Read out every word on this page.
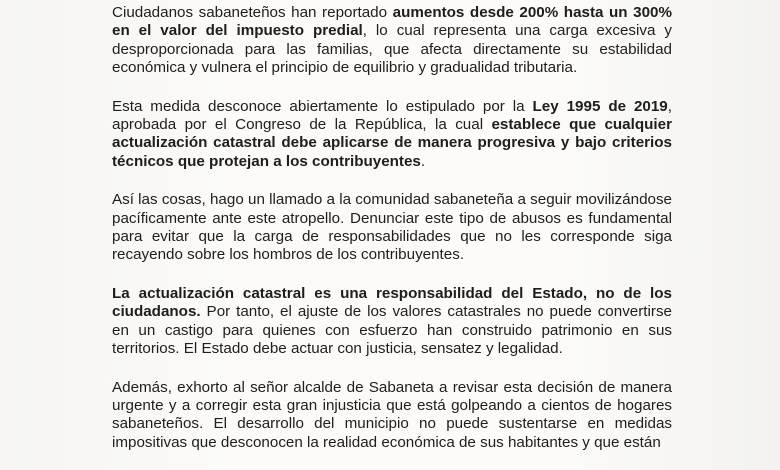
Ciudadanos sabaneteños han reportado aumentos desde 200% hasta un 300% en el valor del impuesto predial, lo cual representa una carga excesiva y desproporcionada para las familias, que afecta directamente su estabilidad económica y vulnera el principio de equilibrio y gradualidad tributaria.

Esta medida desconoce abiertamente lo estipulado por la Ley 1995 de 2019, aprobada por el Congreso de la República, la cual establece que cualquier actualización catastral debe aplicarse de manera progresiva y bajo criterios técnicos que protejan a los contribuyentes.

Así las cosas, hago un llamado a la comunidad sabaneteña a seguir movilizándose pacíficamente ante este atropello. Denunciar este tipo de abusos es fundamental para evitar que la carga de responsabilidades que no les corresponde siga recayendo sobre los hombros de los contribuyentes.

La actualización catastral es una responsabilidad del Estado, no de los ciudadanos. Por tanto, el ajuste de los valores catastrales no puede convertirse en un castigo para quienes con esfuerzo han construido patrimonio en sus territorios. El Estado debe actuar con justicia, sensatez y legalidad.

Además, exhorto al señor alcalde de Sabaneta a revisar esta decisión de manera urgente y a corregir esta gran injusticia que está golpeando a cientos de hogares sabaneteños. El desarrollo del municipio no puede sustentarse en medidas impositivas que desconocen la realidad económica de sus habitantes y que están
